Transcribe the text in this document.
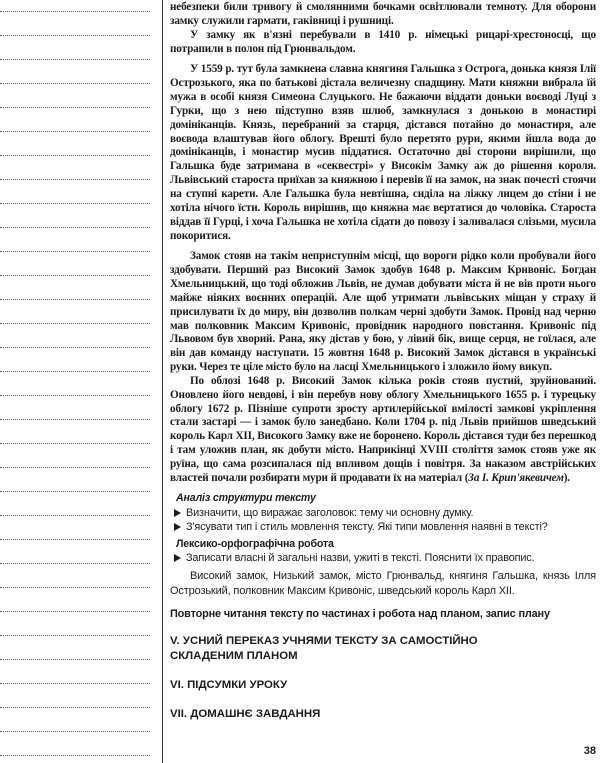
небезпеки били тривогу й смолянними бочками освітлювали темноту. Для оборони замку служили гармати, гаківниці і рушниці.

У замку як в'язні перебували в 1410 р. німецькі рицарі-хрестоносці, що потрапили в полон під Грюнвальдом.

У 1559 р. тут була замкнена славна княгиня Гальшка з Острога, донька князя Ілії Острозького, яка по батькові дістала величезну спадщину. Мати княжни вибрала їй мужа в особі князя Симеона Слуцького. Не бажаючи віддати доньки воєводі Луці з Гурки, що з нею підступно взяв шлюб, замкнулася з донькою в монастирі домініканців. Князь, перебраний за старця, дістався потайно до монастиря, але воєвода влаштував його облогу. Врешті було перетято рури, якими йшла вода до домініканців, і монастир мусив піддатися. Остаточно дві сторони вирішили, що Гальшка буде затримана в «секвестрі» у Високім Замку аж до рішення короля. Львівський староста приїхав за княжною і перевів її на замок, на знак почесті стоячи на ступні карети. Але Гальшка була невтішна, сиділа на ліжку лицем до стіни і не хотіла нічого їсти. Король вирішив, що княжна має вертатися до чоловіка. Староста віддав її Гурці, і хоча Гальшка не хотіла сідати до повозу і заливалася слізьми, мусила покоритися.

Замок стояв на такім неприступнім місці, що вороги рідко коли пробували його здобувати. Перший раз Високий Замок здобув 1648 р. Максим Кривоніс. Богдан Хмельницький, що тоді обложив Львів, не думав добувати міста й не вів проти нього майже ніяких воєнних операцій. Але щоб утримати львівських міщан у страху й присилувати їх до миру, він дозволив полкам черні здобути Замок. Провід над черню мав полковник Максим Кривоніс, провідник народного повстання. Кривоніс під Львовом був хворий. Рана, яку дістав у бою, у лівий бік, вище серця, не гоїлася, але він дав команду наступати. 15 жовтня 1648 р. Високий Замок дістався в українські руки. Через те ціле місто було на ласці Хмельницького і зложило йому викуп.

По облозі 1648 р. Високий Замок кілька років стояв пустий, зруйнований. Оновлено його невдові, і він перебув нову облогу Хмельницького 1655 р. і турецьку облогу 1672 р. Пізніше супроти зросту артилерійської вмілості замкові укріплення стали застарі — і замок було занедбано. Коли 1704 р. під Львів прийшов шведський король Карл XII, Високого Замку вже не боронено. Король дістався туди без перешкод і там уложив план, як добути місто. Наприкінці XVIII століття замок стояв уже як руїна, що сама розсипалася під впливом дощів і повітря. За наказом австрійських властей почали розбирати мури й продавати їх на матеріал (За І. Крип'якевичем).

Аналіз структури тексту

Визначити, що виражає заголовок: тему чи основну думку.

З'ясувати тип і стиль мовлення тексту. Які типи мовлення наявні в тексті?

Лексико-орфографічна робота

Записати власні й загальні назви, ужиті в тексті. Пояснити їх правопис.

Високий замок, Низький замок, місто Грюнвальд, княгиня Гальшка, князь Ілля Острозький, полковник Максим Кривоніс, шведський король Карл XII.

Повторне читання тексту по частинах і робота над планом, запис плану
V. УСНИЙ ПЕРЕКАЗ УЧНЯМИ ТЕКСТУ ЗА САМОСТІЙНО
СКЛАДЕНИМ ПЛАНОМ
VI. ПІДСУМКИ УРОКУ
VII. ДОМАШНЄ ЗАВДАННЯ
38
